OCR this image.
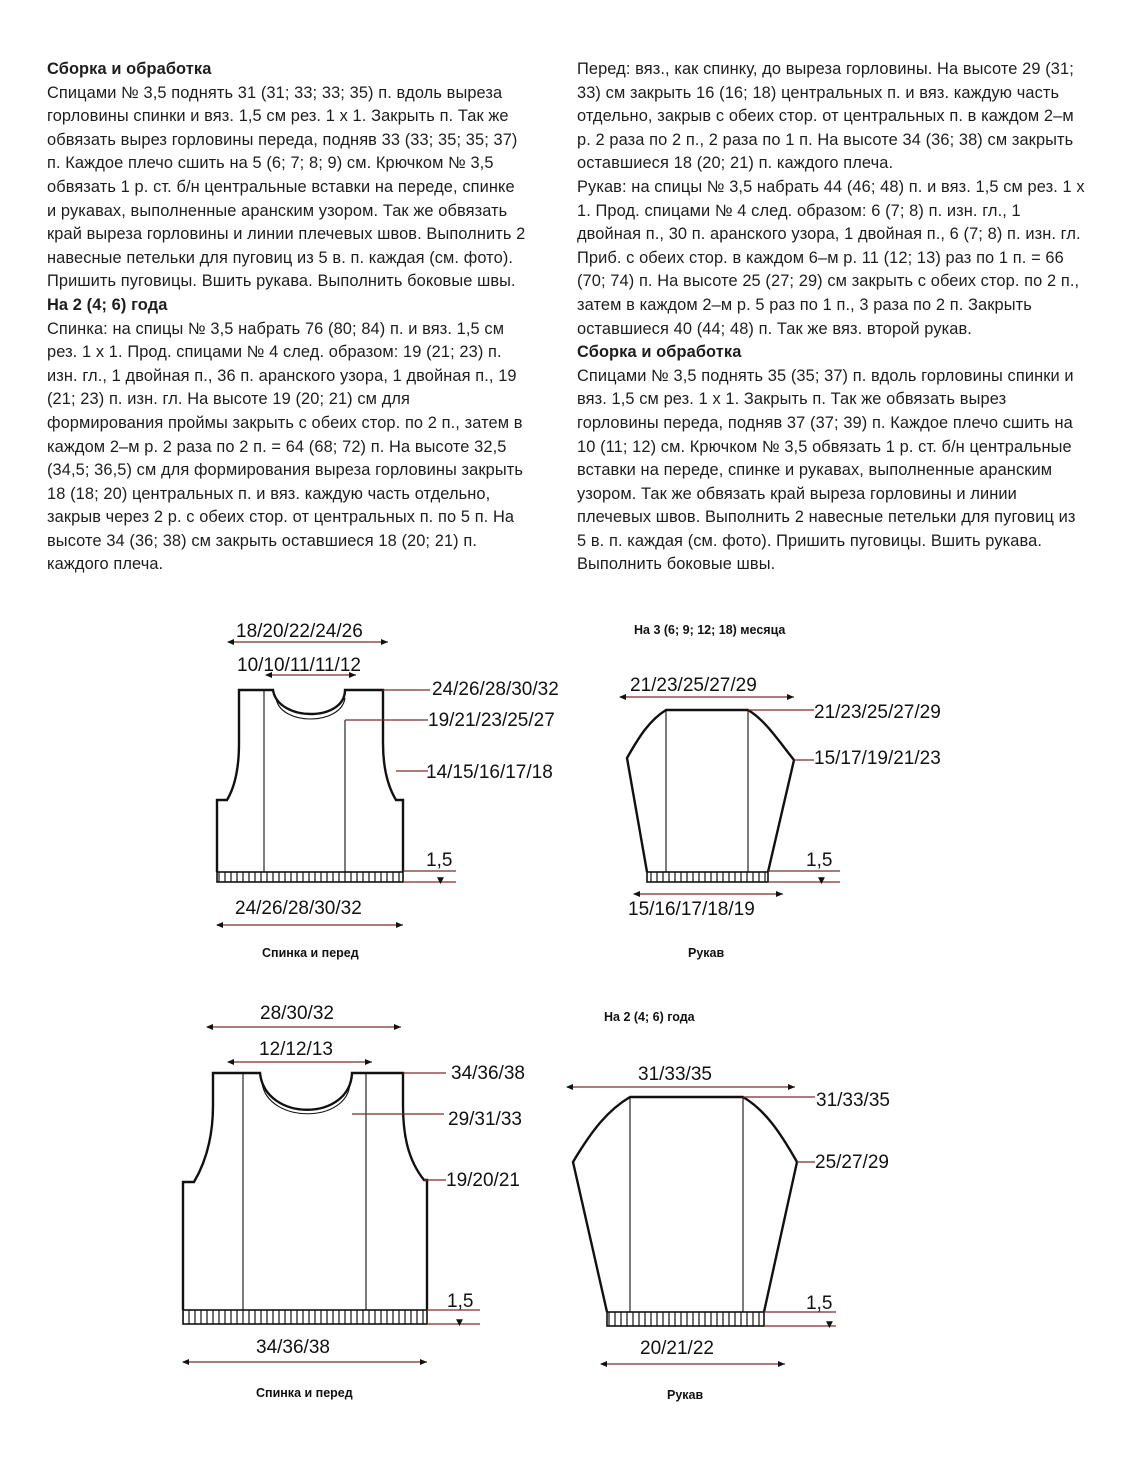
Сборка и обработка

Спицами № 3,5 поднять 31 (31; 33; 33; 35) п. вдоль выреза горловины спинки и вяз. 1,5 см рез. 1 х 1. Закрыть п. Так же обвязать вырез горловины переда, подняв 33 (33; 35; 35; 37) п. Каждое плечо сшить на 5 (6; 7; 8; 9) см. Крючком № 3,5 обвязать 1 р. ст. б/н центральные вставки на переде, спинке и рукавах, выполненные аранским узором. Так же обвязать край выреза горловины и линии плечевых швов. Выполнить 2 навесные петельки для пуговиц из 5 в. п. каждая (см. фото). Пришить пуговицы. Вшить рукава. Выполнить боковые швы.

На 2 (4; 6) года

Спинка: на спицы № 3,5 набрать 76 (80; 84) п. и вяз. 1,5 см рез. 1 х 1. Прод. спицами № 4 след. образом: 19 (21; 23) п. изн. гл., 1 двойная п., 36 п. аранского узора, 1 двойная п., 19 (21; 23) п. изн. гл. На высоте 19 (20; 21) см для формирования проймы закрыть с обеих стор. по 2 п., затем в каждом 2–м р. 2 раза по 2 п. = 64 (68; 72) п. На высоте 32,5 (34,5; 36,5) см для формирования выреза горловины закрыть 18 (18; 20) центральных п. и вяз. каждую часть отдельно, закрыв через 2 р. с обеих стор. от центральных п. по 5 п. На высоте 34 (36; 38) см закрыть оставшиеся 18 (20; 21) п. каждого плеча.

Перед: вяз., как спинку, до выреза горловины. На высоте 29 (31; 33) см закрыть 16 (16; 18) центральных п. и вяз. каждую часть отдельно, закрыв с обеих стор. от центральных п. в каждом 2–м р. 2 раза по 2 п., 2 раза по 1 п. На высоте 34 (36; 38) см закрыть оставшиеся 18 (20; 21) п. каждого плеча.

Рукав: на спицы № 3,5 набрать 44 (46; 48) п. и вяз. 1,5 см рез. 1 х 1. Прод. спицами № 4 след. образом: 6 (7; 8) п. изн. гл., 1 двойная п., 30 п. аранского узора, 1 двойная п., 6 (7; 8) п. изн. гл. Приб. с обеих стор. в каждом 6–м р. 11 (12; 13) раз по 1 п. = 66 (70; 74) п. На высоте 25 (27; 29) см закрыть с обеих стор. по 2 п., затем в каждом 2–м р. 5 раз по 1 п., 3 раза по 2 п. Закрыть оставшиеся 40 (44; 48) п. Так же вяз. второй рукав.

Сборка и обработка

Спицами № 3,5 поднять 35 (35; 37) п. вдоль горловины спинки и вяз. 1,5 см рез. 1 х 1. Закрыть п. Так же обвязать вырез горловины переда, подняв 37 (37; 39) п. Каждое плечо сшить на 10 (11; 12) см. Крючком № 3,5 обвязать 1 р. ст. б/н центральные вставки на переде, спинке и рукавах, выполненные аранским узором. Так же обвязать край выреза горловины и линии плечевых швов. Выполнить 2 навесные петельки для пуговиц из 5 в. п. каждая (см. фото). Пришить пуговицы. Вшить рукава. Выполнить боковые швы.

На 3 (6; 9; 12; 18) месяца
На 2 (4; 6) года
18/20/22/24/26
10/10/11/11/12
24/26/28/30/32
19/21/23/25/27
14/15/16/17/18
1,5
▼
24/26/28/30/32
Спинка и перед
21/23/25/27/29
21/23/25/27/29
15/17/19/21/23
1,5
▼
15/16/17/18/19
Рукав
28/30/32
12/12/13
34/36/38
29/31/33
19/20/21
1,5
▼
34/36/38
Спинка и перед
31/33/35
31/33/35
25/27/29
1,5
▼
20/21/22
Рукав
